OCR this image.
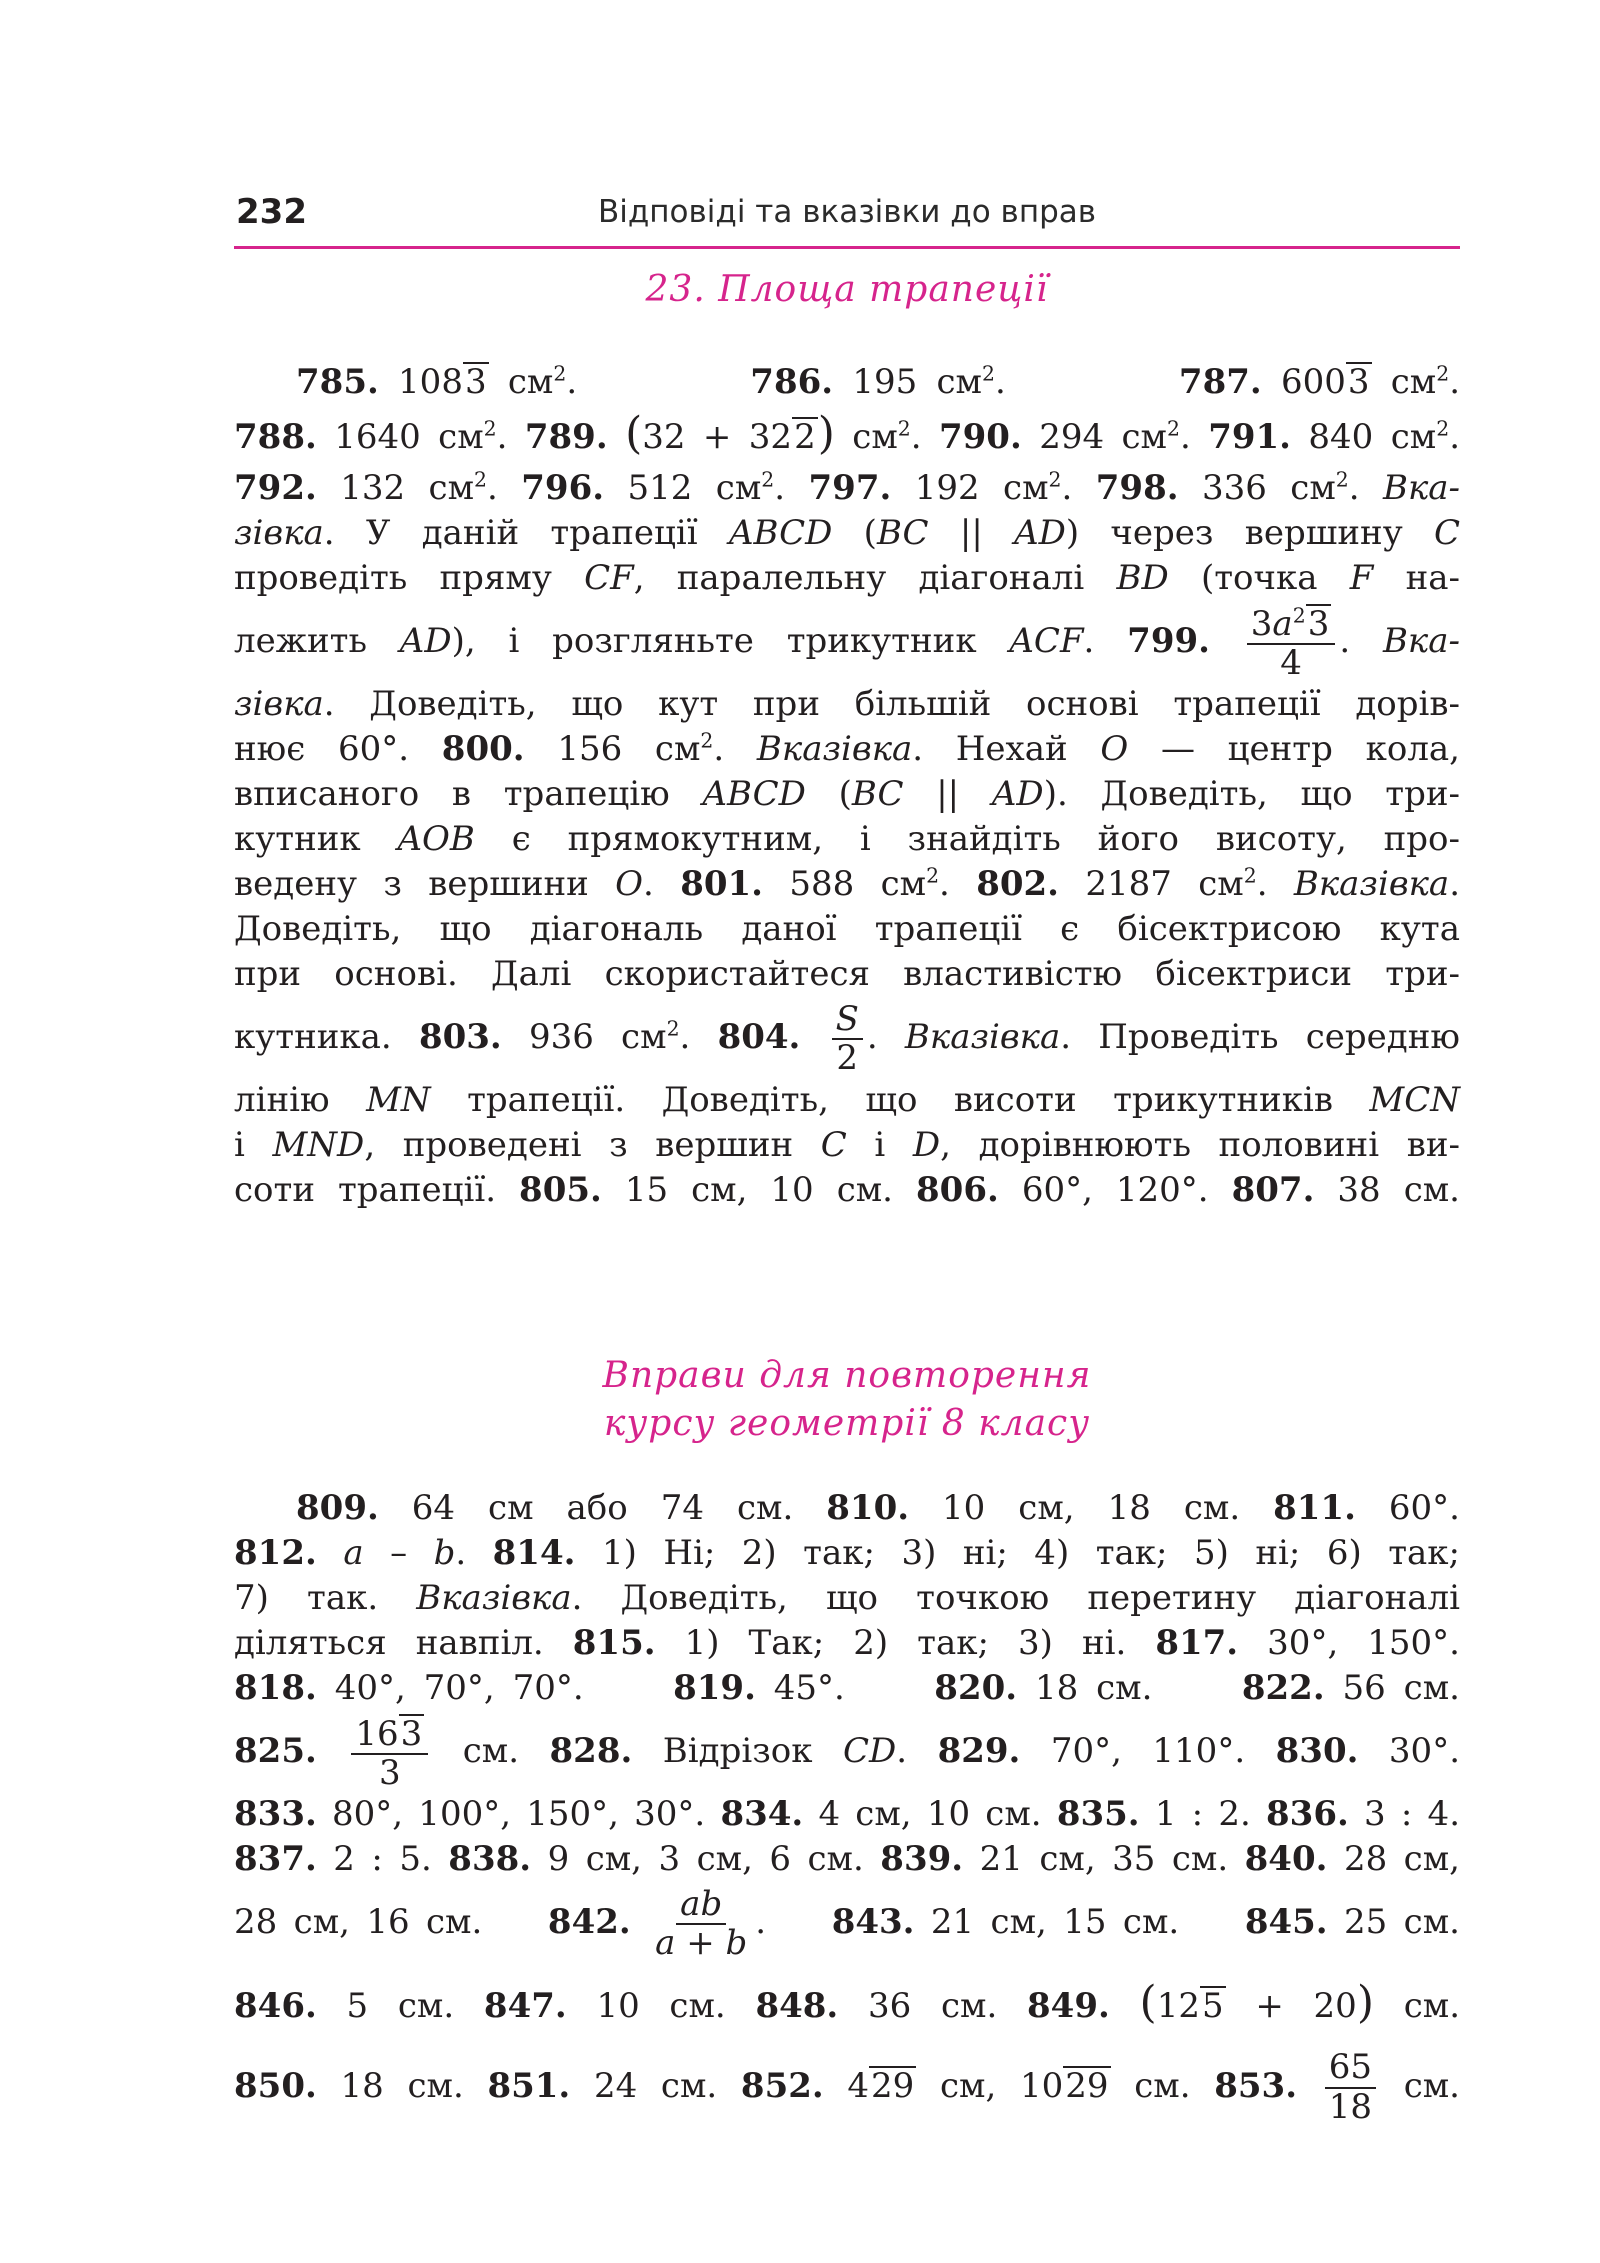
232	Відповіді та вказівки до вправ
23. Площа трапеції
785. 1083 $см^2$.         786. 195 $см^2$.         787. 6003 $см^2$.
788. 1640 $см^2$. 789. (32 + 322) $см^2$. 790. 294 $см^2$. 791. 840 $см^2$.
792. 132 $см^2$. 796. 512 $см^2$. 797. 192 $см^2$. 798. 336 $см^2$. Вка-
зівка. У даній трапеції ABCD (BC || AD) через вершину C
проведіть пряму CF, паралельну діагоналі BD (точка F на-
лежить AD), і розгляньте трикутник ACF. 799. $\frac{3a^23}{4}$ . Вка-
зівка. Доведіть, що кут при більшій основі трапеції дорів-
нює 60°. 800. 156 $см^2$. Вказівка. Нехай O — центр кола,
вписаного в трапецію ABCD (BC || AD). Доведіть, що три-
кутник AOB є прямокутним, і знайдіть його висоту, про-
ведену з вершини O. 801. 588 $см^2$. 802. 2187 $см^2$. Вказівка.
Доведіть, що діагональ даної трапеції є бісектрисою кута
при основі. Далі скористайтеся властивістю бісектриси три-
кутника. 803. 936 $см^2$. 804. $\frac{S}{2}$ . Вказівка. Проведіть середню
лінію MN трапеції. Доведіть, що висоти трикутників MCN
і MND, проведені з вершин C і D, дорівнюють половині ви-
соти трапеції. 805. 15 см, 10 см. 806. 60°, 120°. 807. 38 см.
Вправи для повторення
курсу геометрії 8 класу
809. 64 см або 74 см. 810. 10 см, 18 см. 811. 60°.
812. a – b. 814. 1) Ні; 2) так; 3) ні; 4) так; 5) ні; 6) так;
7) так. Вказівка. Доведіть, що точкою перетину діагоналі
діляться навпіл. 815. 1) Так; 2) так; 3) ні. 817. 30°, 150°.
818. 40°, 70°, 70°.     819. 45°.     820. 18 см.     822. 56 см.
825. $\frac{163}{3}$ см. 828. Відрізок CD. 829. 70°, 110°. 830. 30°.
833. 80°, 100°, 150°, 30°. 834. 4 см, 10 см. 835. 1 : 2. 836. 3 : 4.
837. 2 : 5. 838. 9 см, 3 см, 6 см. 839. 21 см, 35 см. 840. 28 см,
28 см, 16 см.    842. $\frac{ab}{a + b}$ .    843. 21 см, 15 см.    845. 25 см.
846. 5 см. 847. 10 см. 848. 36 см. 849. (125 + 20) см.
850. 18 см. 851. 24 см. 852. 429 см, 1029 см. 853. $\frac{65}{18}$ см.
